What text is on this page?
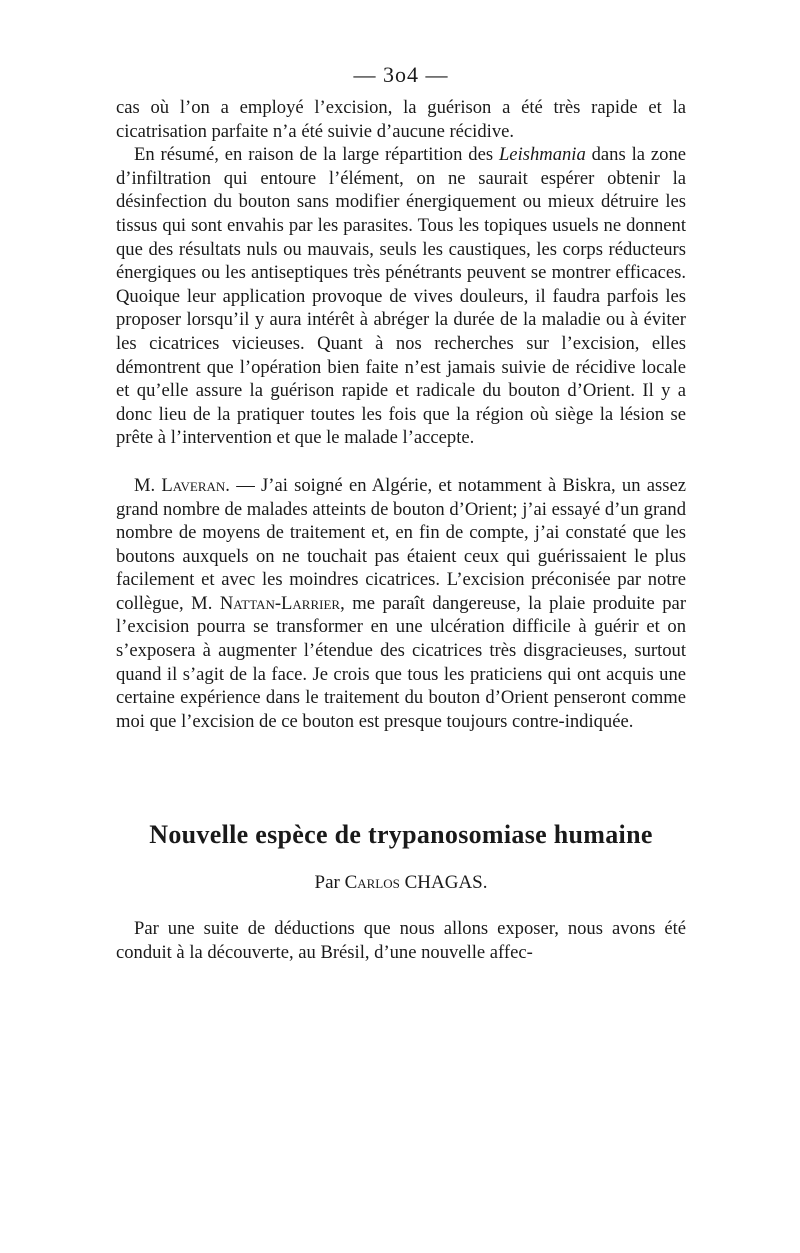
— 3o4 —

cas où l’on a employé l’excision, la guérison a été très rapide et la cicatrisation parfaite n’a été suivie d’aucune récidive.
En résumé, en raison de la large répartition des Leishmania dans la zone d’infiltration qui entoure l’élément, on ne saurait espérer obtenir la désinfection du bouton sans modifier énergiquement ou mieux détruire les tissus qui sont envahis par les parasites. Tous les topiques usuels ne donnent que des résultats nuls ou mauvais, seuls les caustiques, les corps réducteurs énergiques ou les antiseptiques très pénétrants peuvent se montrer efficaces. Quoique leur application provoque de vives douleurs, il faudra parfois les proposer lorsqu’il y aura intérêt à abréger la durée de la maladie ou à éviter les cicatrices vicieuses. Quant à nos recherches sur l’excision, elles démontrent que l’opération bien faite n’est jamais suivie de récidive locale et qu’elle assure la guérison rapide et radicale du bouton d’Orient. Il y a donc lieu de la pratiquer toutes les fois que la région où siège la lésion se prête à l’intervention et que le malade l’accepte.

M. Laveran. — J’ai soigné en Algérie, et notamment à Biskra, un assez grand nombre de malades atteints de bouton d’Orient; j’ai essayé d’un grand nombre de moyens de traitement et, en fin de compte, j’ai constaté que les boutons auxquels on ne touchait pas étaient ceux qui guérissaient le plus facilement et avec les moindres cicatrices. L’excision préconisée par notre collègue, M. Nattan-Larrier, me paraît dangereuse, la plaie produite par l’excision pourra se transformer en une ulcération difficile à guérir et on s’exposera à augmenter l’étendue des cicatrices très disgracieuses, surtout quand il s’agit de la face. Je crois que tous les praticiens qui ont acquis une certaine expérience dans le traitement du bouton d’Orient penseront comme moi que l’excision de ce bouton est presque toujours contre-indiquée.

Nouvelle espèce de trypanosomiase humaine
Par Carlos CHAGAS.

Par une suite de déductions que nous allons exposer, nous avons été conduit à la découverte, au Brésil, d’une nouvelle affec-
